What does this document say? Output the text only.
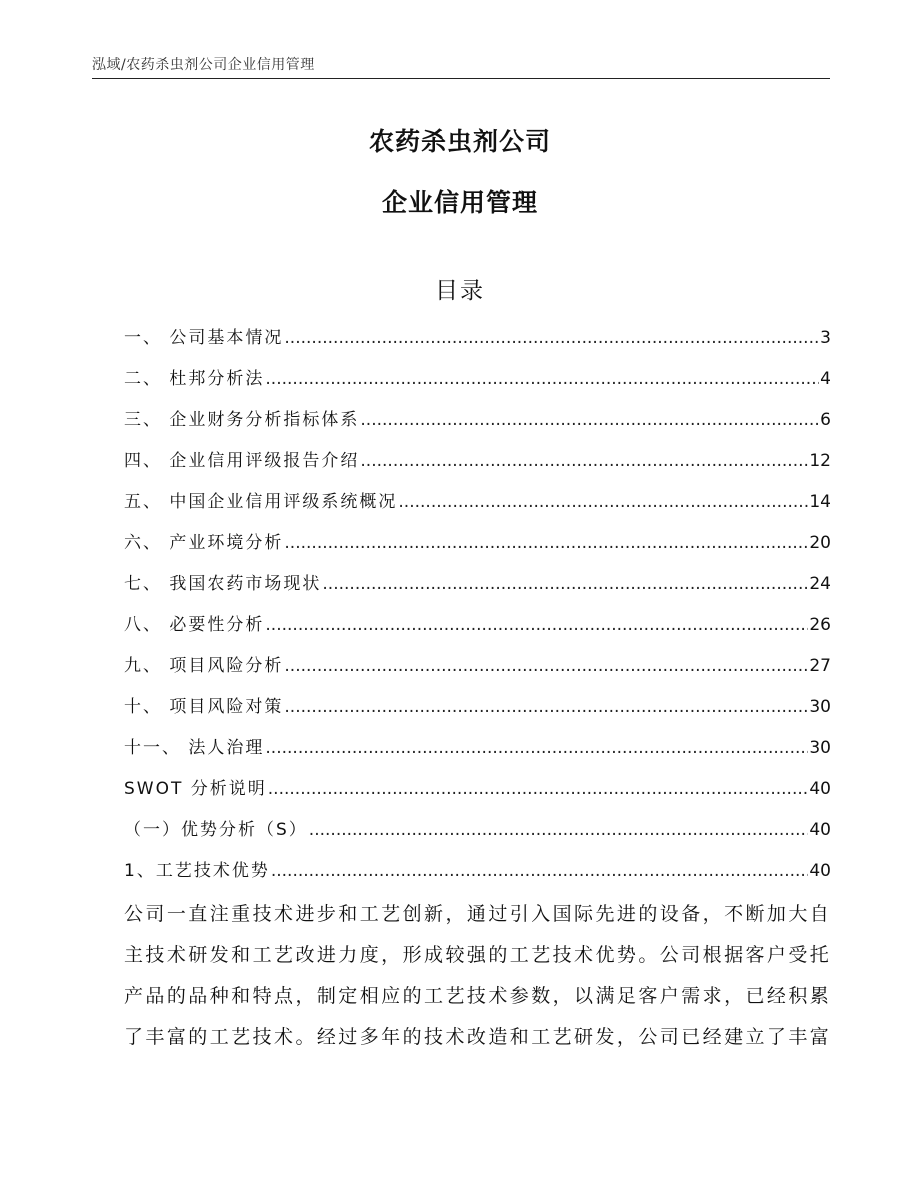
泓域/农药杀虫剂公司企业信用管理
农药杀虫剂公司
企业信用管理
目录
一、 公司基本情况 .....	3
二、 杜邦分析法 .....	4
三、 企业财务分析指标体系 .....	6
四、 企业信用评级报告介绍 .....	12
五、 中国企业信用评级系统概况 .....	14
六、 产业环境分析 .....	20
七、 我国农药市场现状 .....	24
八、 必要性分析 .....	26
九、 项目风险分析 .....	27
十、 项目风险对策 .....	30
十一、 法人治理 .....	30
SWOT 分析说明 .....	40
（一）优势分析（S） .....	40
1、工艺技术优势 .....	40

公司一直注重技术进步和工艺创新，通过引入国际先进的设备，不断加大自主技术研发和工艺改进力度，形成较强的工艺技术优势。公司根据客户受托产品的品种和特点，制定相应的工艺技术参数，以满足客户需求，已经积累了丰富的工艺技术。经过多年的技术改造和工艺研发，公司已经建立了丰富
